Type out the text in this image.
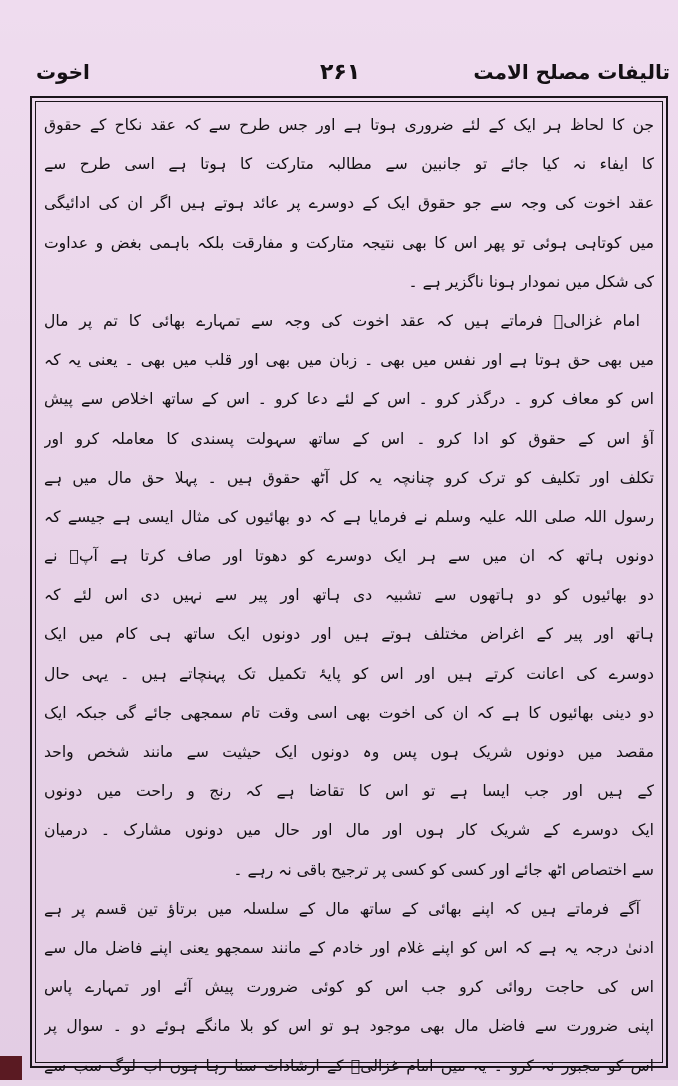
تالیفات مصلح الامت
۲۶۱
اخوت
جن کا لحاظ ہر ایک کے لئے ضروری ہوتا ہے اور جس طرح سے کہ عقد نکاح کے حقوق
کا ایفاء نہ کیا جائے تو جانبین سے مطالبہ متارکت کا ہوتا ہے اسی طرح سے
عقد اخوت کی وجہ سے جو حقوق ایک کے دوسرے پر عائد ہوتے ہیں اگر ان کی ادائیگی
میں کوتاہی ہوئی تو پھر اس کا بھی نتیجہ متارکت و مفارقت بلکہ باہمی بغض و عداوت
کی شکل میں نمودار ہونا ناگزیر ہے ۔
امام غزالیؒ فرماتے ہیں کہ عقد اخوت کی وجہ سے تمہارے بھائی کا تم پر مال
میں بھی حق ہوتا ہے اور نفس میں بھی ۔ زبان میں بھی اور قلب میں بھی ۔ یعنی یہ کہ
اس کو معاف کرو ۔ درگذر کرو ۔ اس کے لئے دعا کرو ۔ اس کے ساتھ اخلاص سے پیش
آؤ اس کے حقوق کو ادا کرو ۔ اس کے ساتھ سہولت پسندی کا معاملہ کرو اور
تکلف اور تکلیف کو ترک کرو چنانچہ یہ کل آٹھ حقوق ہیں ۔ پہلا حق مال میں ہے
رسول اللہ صلی اللہ علیہ وسلم نے فرمایا ہے کہ دو بھائیوں کی مثال ایسی ہے جیسے کہ
دونوں ہاتھ کہ ان میں سے ہر ایک دوسرے کو دھوتا اور صاف کرتا ہے آپؐ نے
دو بھائیوں کو دو ہاتھوں سے تشبیہ دی ہاتھ اور پیر سے نہیں دی اس لئے کہ
ہاتھ اور پیر کے اغراض مختلف ہوتے ہیں اور دونوں ایک ساتھ ہی کام میں ایک
دوسرے کی اعانت کرتے ہیں اور اس کو پایۂ تکمیل تک پہنچاتے ہیں ۔ یہی حال
دو دینی بھائیوں کا ہے کہ ان کی اخوت بھی اسی وقت تام سمجھی جائے گی جبکہ ایک
مقصد میں دونوں شریک ہوں پس وہ دونوں ایک حیثیت سے مانند شخص واحد
کے ہیں اور جب ایسا ہے تو اس کا تقاضا ہے کہ رنج و راحت میں دونوں
ایک دوسرے کے شریک کار ہوں اور مال اور حال میں دونوں مشارک ۔ درمیان
سے اختصاص اٹھ جائے اور کسی کو کسی پر ترجیح باقی نہ رہے ۔
آگے فرماتے ہیں کہ اپنے بھائی کے ساتھ مال کے سلسلہ میں برتاؤ تین قسم پر ہے
ادنیٰ درجہ یہ ہے کہ اس کو اپنے غلام اور خادم کے مانند سمجھو یعنی اپنے فاضل مال سے
اس کی حاجت روائی کرو جب اس کو کوئی ضرورت پیش آئے اور تمہارے پاس
اپنی ضرورت سے فاضل مال بھی موجود ہو تو اس کو بلا مانگے ہوئے دو ۔ سوال پر
اس کو مجبور نہ کرو ۔ یہ میں امام غزالیؒ کے ارشادات سنا رہا ہوں اب لوگ سب سے
